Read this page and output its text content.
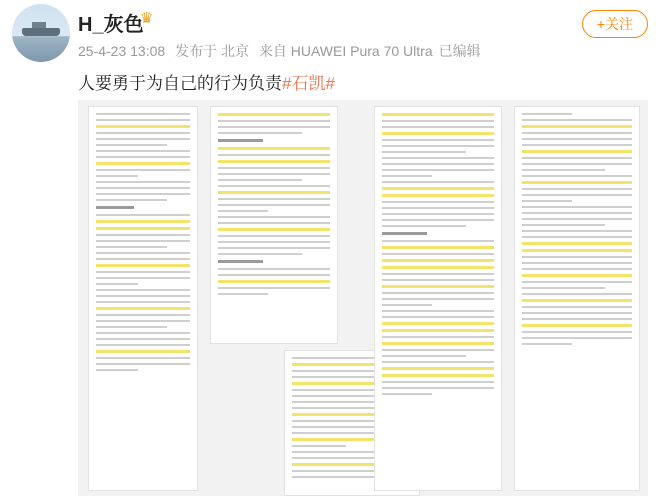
H_灰色
♛
25-4-23 13:08 发布于 北京 来自 HUAWEI Pura 70 Ultra 已编辑
+关注
人要勇于为自己的行为负责#石凯#
